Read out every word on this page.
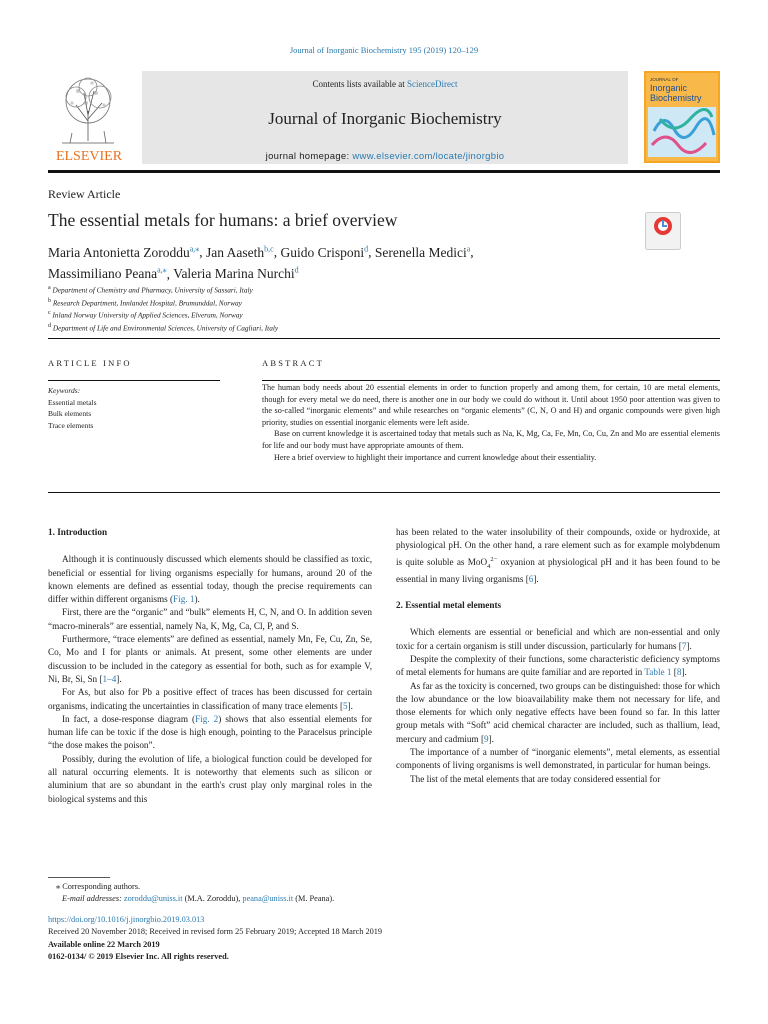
Journal of Inorganic Biochemistry 195 (2019) 120–129
ELSEVIER
Contents lists available at ScienceDirect
Journal of Inorganic Biochemistry
journal homepage: www.elsevier.com/locate/jinorgbio
JOURNAL OF
Inorganic
Biochemistry
Review Article
The essential metals for humans: a brief overview
Maria Antonietta Zoroddu$^{a,⁎}$, Jan Aaseth$^{b,c}$, Guido Crisponi$^d$, Serenella Medici$^a$,
Massimiliano Peana$^{a,⁎}$, Valeria Marina Nurchi$^d$
$^a$ Department of Chemistry and Pharmacy, University of Sassari, Italy
$^b$ Research Department, Innlandet Hospital, Brumunddal, Norway
$^c$ Inland Norway University of Applied Sciences, Elverum, Norway
$^d$ Department of Life and Environmental Sciences, University of Cagliari, Italy
ARTICLE INFO	ABSTRACT
Keywords:
Essential metals
Bulk elements
Trace elements

The human body needs about 20 essential elements in order to function properly and among them, for certain, 10 are metal elements, though for every metal we do need, there is another one in our body we could do without it. Until about 1950 poor attention was given to the so-called “inorganic elements” and while researches on “organic elements” (C, N, O and H) and organic compounds were given high priority, studies on essential inorganic elements were left aside.

Base on current knowledge it is ascertained today that metals such as Na, K, Mg, Ca, Fe, Mn, Co, Cu, Zn and Mo are essential elements for life and our body must have appropriate amounts of them.

Here a brief overview to highlight their importance and current knowledge about their essentiality.

1. Introduction

Although it is continuously discussed which elements should be classified as toxic, beneficial or essential for living organisms especially for humans, around 20 of the known elements are defined as essential today, though the precise requirements can differ within different organisms (Fig. 1).

First, there are the “organic” and “bulk” elements H, C, N, and O. In addition seven “macro-minerals” are essential, namely Na, K, Mg, Ca, Cl, P, and S.

Furthermore, “trace elements” are defined as essential, namely Mn, Fe, Cu, Zn, Se, Co, Mo and I for plants or animals. At present, some other elements are under discussion to be included in the category as essential for both, such as for example V, Ni, Br, Si, Sn [1–4].

For As, but also for Pb a positive effect of traces has been discussed for certain organisms, indicating the uncertainties in classification of many trace elements [5].

In fact, a dose-response diagram (Fig. 2) shows that also essential elements for human life can be toxic if the dose is high enough, pointing to the Paracelsus principle “the dose makes the poison”.

Possibly, during the evolution of life, a biological function could be developed for all natural occurring elements. It is noteworthy that elements such as silicon or aluminium that are so abundant in the earth's crust play only marginal roles in the biological systems and this

has been related to the water insolubility of their compounds, oxide or hydroxide, at physiological pH. On the other hand, a rare element such as for example molybdenum is quite soluble as MoO$_4^{2-}$ oxyanion at physiological pH and it has been found to be essential in many living organisms [6].

2. Essential metal elements

Which elements are essential or beneficial and which are non-essential and only toxic for a certain organism is still under discussion, particularly for humans [7].

Despite the complexity of their functions, some characteristic deficiency symptoms of metal elements for humans are quite familiar and are reported in Table 1 [8].

As far as the toxicity is concerned, two groups can be distinguished: those for which the low abundance or the low bioavailability make them not necessary for life, and those elements for which only negative effects have been found so far. In this latter group metals with “Soft” acid chemical character are included, such as thallium, lead, mercury and cadmium [9].

The importance of a number of “inorganic elements”, metal elements, as essential components of living organisms is well demonstrated, in particular for human beings.

The list of the metal elements that are today considered essential for

⁎ Corresponding authors.
E-mail addresses: zoroddu@uniss.it (M.A. Zoroddu), peana@uniss.it (M. Peana).
https://doi.org/10.1016/j.jinorgbio.2019.03.013
Received 20 November 2018; Received in revised form 25 February 2019; Accepted 18 March 2019
Available online 22 March 2019
0162-0134/ © 2019 Elsevier Inc. All rights reserved.
